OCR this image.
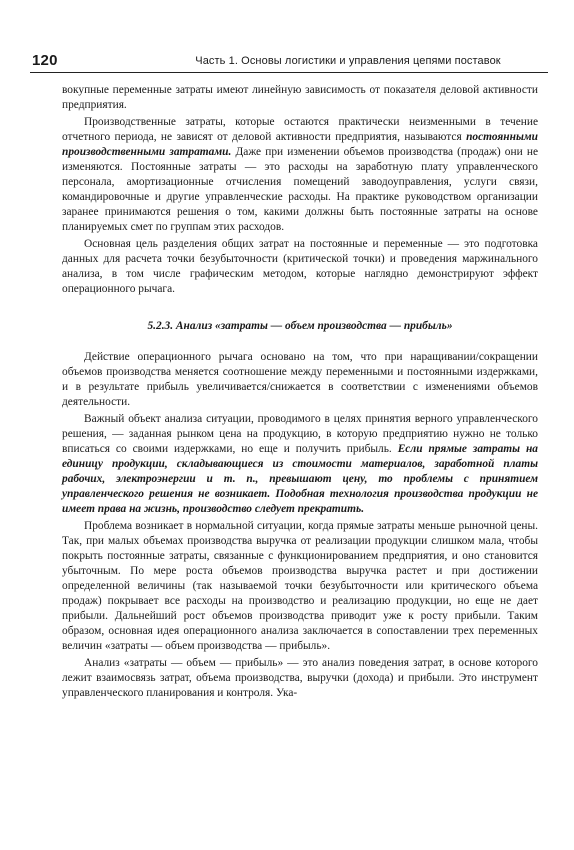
120	Часть 1. Основы логистики и управления цепями поставок

вокупные переменные затраты имеют линейную зависимость от показателя деловой активности предприятия.

Производственные затраты, которые остаются практически неизменными в течение отчетного периода, не зависят от деловой активности предприятия, называются постоянными производственными затратами. Даже при изменении объемов производства (продаж) они не изменяются. Постоянные затраты — это расходы на заработную плату управленческого персонала, амортизационные отчисления помещений заводоуправления, услуги связи, командировочные и другие управленческие расходы. На практике руководством организации заранее принимаются решения о том, какими должны быть постоянные затраты на основе планируемых смет по группам этих расходов.

Основная цель разделения общих затрат на постоянные и переменные — это подготовка данных для расчета точки безубыточности (критической точки) и проведения маржинального анализа, в том числе графическим методом, которые наглядно демонстрируют эффект операционного рычага.

5.2.3. Анализ «затраты — объем производства — прибыль»

Действие операционного рычага основано на том, что при наращивании/сокращении объемов производства меняется соотношение между переменными и постоянными издержками, и в результате прибыль увеличивается/снижается в соответствии с изменениями объемов деятельности.

Важный объект анализа ситуации, проводимого в целях принятия верного управленческого решения, — заданная рынком цена на продукцию, в которую предприятию нужно не только вписаться со своими издержками, но еще и получить прибыль. Если прямые затраты на единицу продукции, складывающиеся из стоимости материалов, заработной платы рабочих, электроэнергии и т. п., превышают цену, то проблемы с принятием управленческого решения не возникает. Подобная технология производства продукции не имеет права на жизнь, производство следует прекратить.

Проблема возникает в нормальной ситуации, когда прямые затраты меньше рыночной цены. Так, при малых объемах производства выручка от реализации продукции слишком мала, чтобы покрыть постоянные затраты, связанные с функционированием предприятия, и оно становится убыточным. По мере роста объемов производства выручка растет и при достижении определенной величины (так называемой точки безубыточности или критического объема продаж) покрывает все расходы на производство и реализацию продукции, но еще не дает прибыли. Дальнейший рост объемов производства приводит уже к росту прибыли. Таким образом, основная идея операционного анализа заключается в сопоставлении трех переменных величин «затраты — объем производства — прибыль».

Анализ «затраты — объем — прибыль» — это анализ поведения затрат, в основе которого лежит взаимосвязь затрат, объема производства, выручки (дохода) и прибыли. Это инструмент управленческого планирования и контроля. Ука-
